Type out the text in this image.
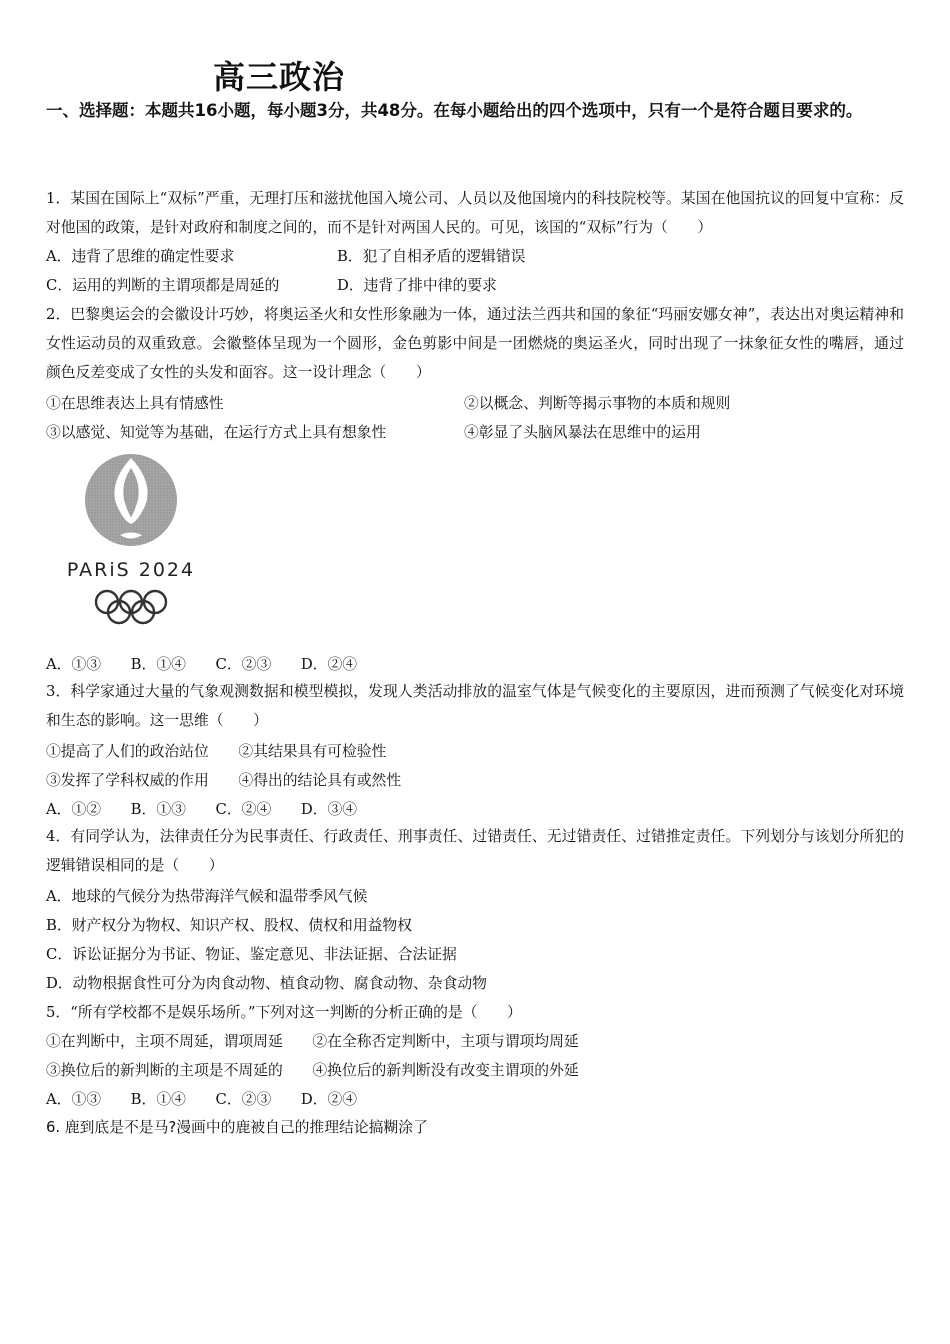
高三政治
一、选择题：本题共16小题，每小题3分，共48分。在每小题给出的四个选项中，只有一个是符合题目要求的。
1．某国在国际上“双标”严重，无理打压和滋扰他国入境公司、人员以及他国境内的科技院校等。某国在他国抗议的回复中宣称：反对他国的政策，是针对政府和制度之间的，而不是针对两国人民的。可见，该国的“双标”行为（　　）
A．违背了思维的确定性要求	B．犯了自相矛盾的逻辑错误
C．运用的判断的主谓项都是周延的	D．违背了排中律的要求
2．巴黎奥运会的会徽设计巧妙，将奥运圣火和女性形象融为一体，通过法兰西共和国的象征“玛丽安娜女神”，表达出对奥运精神和女性运动员的双重致意。会徽整体呈现为一个圆形，金色剪影中间是一团燃烧的奥运圣火，同时出现了一抹象征女性的嘴唇，通过颜色反差变成了女性的头发和面容。这一设计理念（　　）
①在思维表达上具有情感性	②以概念、判断等揭示事物的本质和规则
③以感觉、知觉等为基础，在运行方式上具有想象性	④彰显了头脑风暴法在思维中的运用
PARiS 2024
A．①③　　B．①④　　C．②③　　D．②④
3．科学家通过大量的气象观测数据和模型模拟，发现人类活动排放的温室气体是气候变化的主要原因，进而预测了气候变化对环境和生态的影响。这一思维（　　）
①提高了人们的政治站位　　②其结果具有可检验性
③发挥了学科权威的作用　　④得出的结论具有或然性
A．①②　　B．①③　　C．②④　　D．③④
4．有同学认为，法律责任分为民事责任、行政责任、刑事责任、过错责任、无过错责任、过错推定责任。下列划分与该划分所犯的逻辑错误相同的是（　　）
A．地球的气候分为热带海洋气候和温带季风气候
B．财产权分为物权、知识产权、股权、债权和用益物权
C．诉讼证据分为书证、物证、鉴定意见、非法证据、合法证据
D．动物根据食性可分为肉食动物、植食动物、腐食动物、杂食动物
5．“所有学校都不是娱乐场所。”下列对这一判断的分析正确的是（　　）
①在判断中，主项不周延，谓项周延　　②在全称否定判断中，主项与谓项均周延
③换位后的新判断的主项是不周延的　　④换位后的新判断没有改变主谓项的外延
A．①③　　B．①④　　C．②③　　D．②④
6. 鹿到底是不是马?漫画中的鹿被自己的推理结论搞糊涂了
